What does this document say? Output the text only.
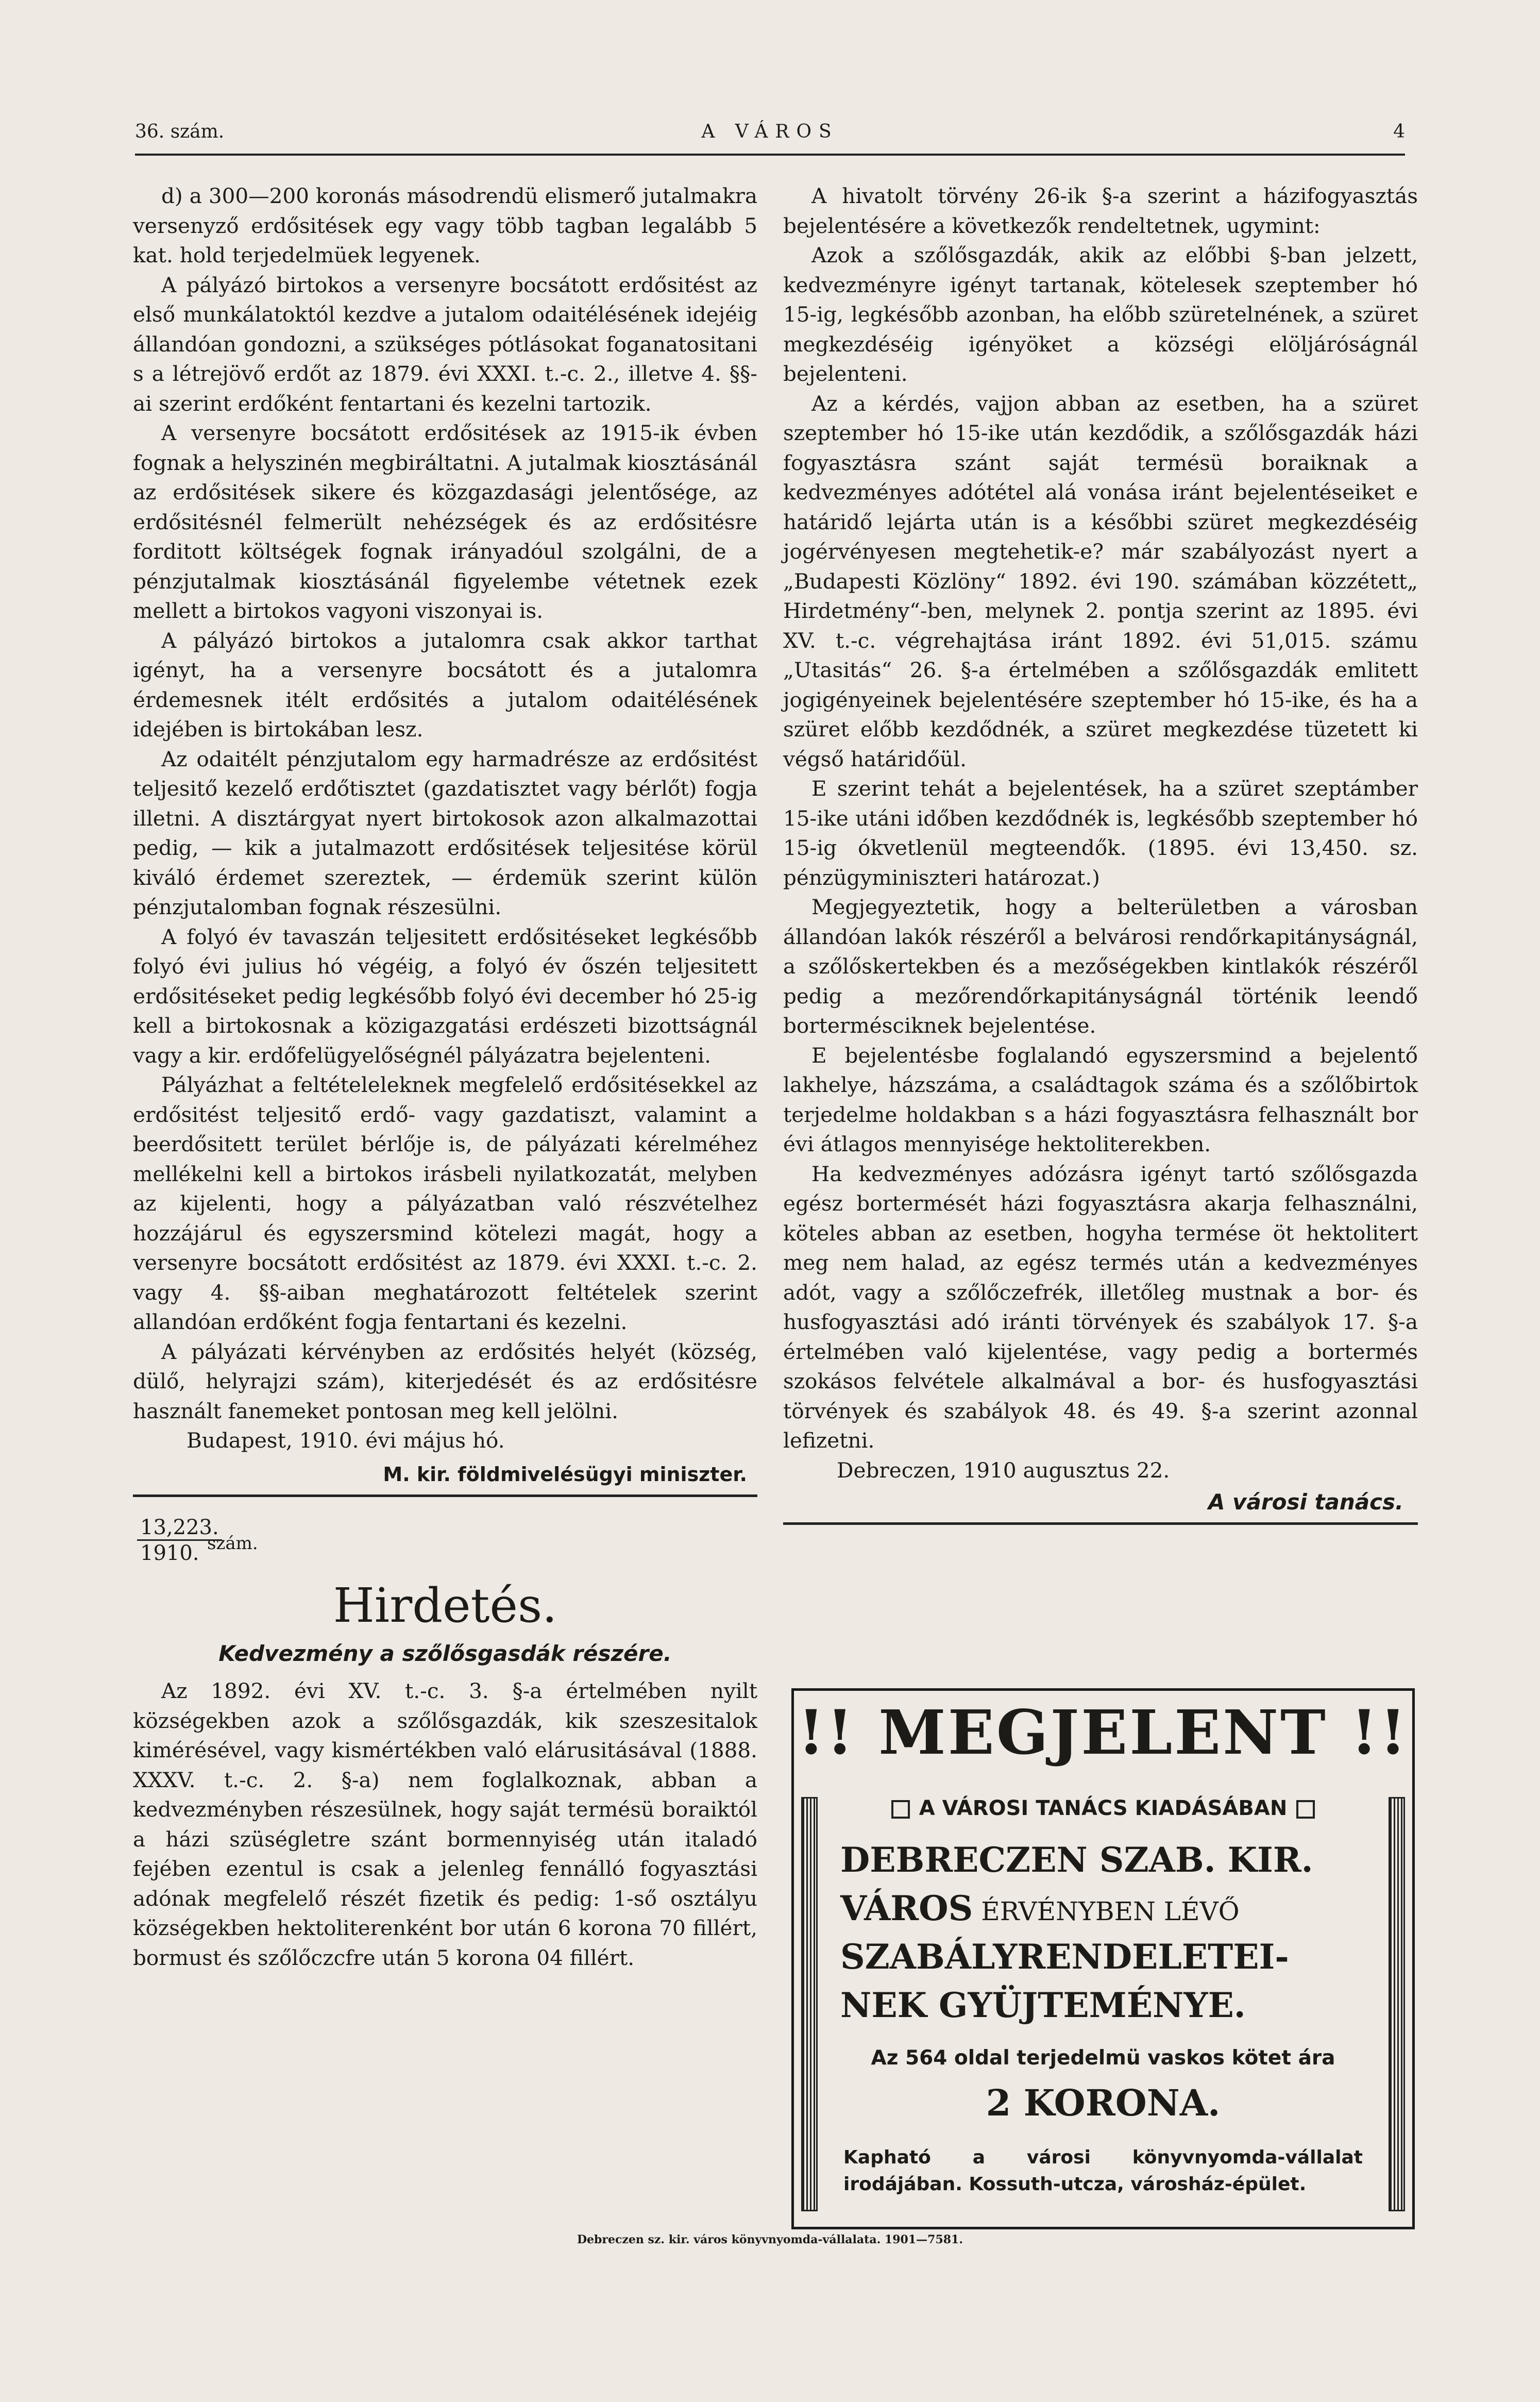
36. szám.	A VÁROS	4

d) a 300—200 koronás másodrendü elismerő jutalmakra versenyző erdősitések egy vagy több tagban legalább 5 kat. hold terjedelmüek legyenek.

A pályázó birtokos a versenyre bocsátott erdősitést az első munkálatoktól kezdve a jutalom odaitélésének idejéig állandóan gondozni, a szükséges pótlásokat foganatositani s a létrejövő erdőt az 1879. évi XXXI. t.-c. 2., illetve 4. §§-ai szerint erdőként fentartani és kezelni tartozik.

A versenyre bocsátott erdősitések az 1915-ik évben fognak a helyszinén megbiráltatni. A jutalmak kiosztásánál az erdősitések sikere és közgazdasági jelentősége, az erdősitésnél felmerült nehézségek és az erdősitésre forditott költségek fognak irányadóul szolgálni, de a pénzjutalmak kiosztásánál figyelembe vétetnek ezek mellett a birtokos vagyoni viszonyai is.

A pályázó birtokos a jutalomra csak akkor tarthat igényt, ha a versenyre bocsátott és a jutalomra érdemesnek itélt erdősités a jutalom odaitélésének idejében is birtokában lesz.

Az odaitélt pénzjutalom egy harmadrésze az erdősitést teljesitő kezelő erdőtisztet (gazdatisztet vagy bérlőt) fogja illetni. A disztárgyat nyert birtokosok azon alkalmazottai pedig, — kik a jutalmazott erdősitések teljesitése körül kiváló érdemet szereztek, — érdemük szerint külön pénzjutalomban fognak részesülni.

A folyó év tavaszán teljesitett erdősitéseket legkésőbb folyó évi julius hó végéig, a folyó év őszén teljesitett erdősitéseket pedig legkésőbb folyó évi december hó 25-ig kell a birtokosnak a közigazgatási erdészeti bizottságnál vagy a kir. erdőfelügyelőségnél pályázatra bejelenteni.

Pályázhat a feltételeleknek megfelelő erdősitésekkel az erdősitést teljesitő erdő- vagy gazdatiszt, valamint a beerdősitett terület bérlője is, de pályázati kérelméhez mellékelni kell a birtokos irásbeli nyilatkozatát, melyben az kijelenti, hogy a pályázatban való részvételhez hozzájárul és egyszersmind kötelezi magát, hogy a versenyre bocsátott erdősitést az 1879. évi XXXI. t.-c. 2. vagy 4. §§-aiban meghatározott feltételek szerint allandóan erdőként fogja fentartani és kezelni.

A pályázati kérvényben az erdősités helyét (község, dülő, helyrajzi szám), kiterjedését és az erdősitésre használt fanemeket pontosan meg kell jelölni.

Budapest, 1910. évi május hó.

M. kir. földmivelésügyi miniszter.
13,223.
1910. szám.
Hirdetés.
Kedvezmény a szőlősgasdák részére.

Az 1892. évi XV. t.-c. 3. §-a értelmében nyilt községekben azok a szőlősgazdák, kik szeszesitalok kimérésével, vagy kismértékben való elárusitásával (1888. XXXV. t.-c. 2. §-a) nem foglalkoznak, abban a kedvezményben részesülnek, hogy saját termésü boraiktól a házi szüségletre szánt bormennyiség után italadó fejében ezentul is csak a jelenleg fennálló fogyasztási adónak megfelelő részét fizetik és pedig: 1-ső osztályu községekben hektoliterenként bor után 6 korona 70 fillért, bormust és szőlőczcfre után 5 korona 04 fillért.

A hivatolt törvény 26-ik §-a szerint a házifogyasztás bejelentésére a következők rendeltetnek, ugymint:

Azok a szőlősgazdák, akik az előbbi §-ban jelzett, kedvezményre igényt tartanak, kötelesek szeptember hó 15-ig, legkésőbb azonban, ha előbb szüretelnének, a szüret megkezdéséig igényöket a községi elöljáróságnál bejelenteni.

Az a kérdés, vajjon abban az esetben, ha a szüret szeptember hó 15-ike után kezdődik, a szőlősgazdák házi fogyasztásra szánt saját termésü boraiknak a kedvezményes adótétel alá vonása iránt bejelentéseiket e határidő lejárta után is a későbbi szüret megkezdéséig jogérvényesen megtehetik-e? már szabályozást nyert a „Budapesti Közlöny“ 1892. évi 190. számában közzétett„ Hirdetmény“-ben, melynek 2. pontja szerint az 1895. évi XV. t.-c. végrehajtása iránt 1892. évi 51,015. számu „Utasitás“ 26. §-a értelmében a szőlősgazdák emlitett jogigényeinek bejelentésére szeptember hó 15-ike, és ha a szüret előbb kezdődnék, a szüret megkezdése tüzetett ki végső határidőül.

E szerint tehát a bejelentések, ha a szüret szeptámber 15-ike utáni időben kezdődnék is, legkésőbb szeptember hó 15-ig ókvetlenül megteendők. (1895. évi 13,450. sz. pénzügyminiszteri határozat.)

Megjegyeztetik, hogy a belterületben a városban állandóan lakók részéről a belvárosi rendőrkapitányságnál, a szőlőskertekben és a mezőségekben kintlakók részéről pedig a mezőrendőrkapitányságnál történik leendő bortermésciknek bejelentése.

E bejelentésbe foglalandó egyszersmind a bejelentő lakhelye, házszáma, a családtagok száma és a szőlőbirtok terjedelme holdakban s a házi fogyasztásra felhasznált bor évi átlagos mennyisége hektoliterekben.

Ha kedvezményes adózásra igényt tartó szőlősgazda egész bortermését házi fogyasztásra akarja felhasználni, köteles abban az esetben, hogyha termése öt hektolitert meg nem halad, az egész termés után a kedvezményes adót, vagy a szőlőczefrék, illetőleg mustnak a bor- és husfogyasztási adó iránti törvények és szabályok 17. §-a értelmében való kijelentése, vagy pedig a bortermés szokásos felvétele alkalmával a bor- és husfogyasztási törvények és szabályok 48. és 49. §-a szerint azonnal lefizetni.

Debreczen, 1910 augusztus 22.

A városi tanács.
!! MEGJELENT !!
A VÁROSI TANÁCS KIADÁSÁBAN
DEBRECZEN SZAB. KIR.
VÁROS ÉRVÉNYBEN LÉVŐ
SZABÁLYRENDELETEI-
NEK GYÜJTEMÉNYE.
Az 564 oldal terjedelmü vaskos kötet ára
2 KORONA.
Kapható a városi könyvnyomda-vállalat irodájában. Kossuth-utcza, városház-épület.
Debreczen sz. kir. város könyvnyomda-vállalata. 1901—7581.
